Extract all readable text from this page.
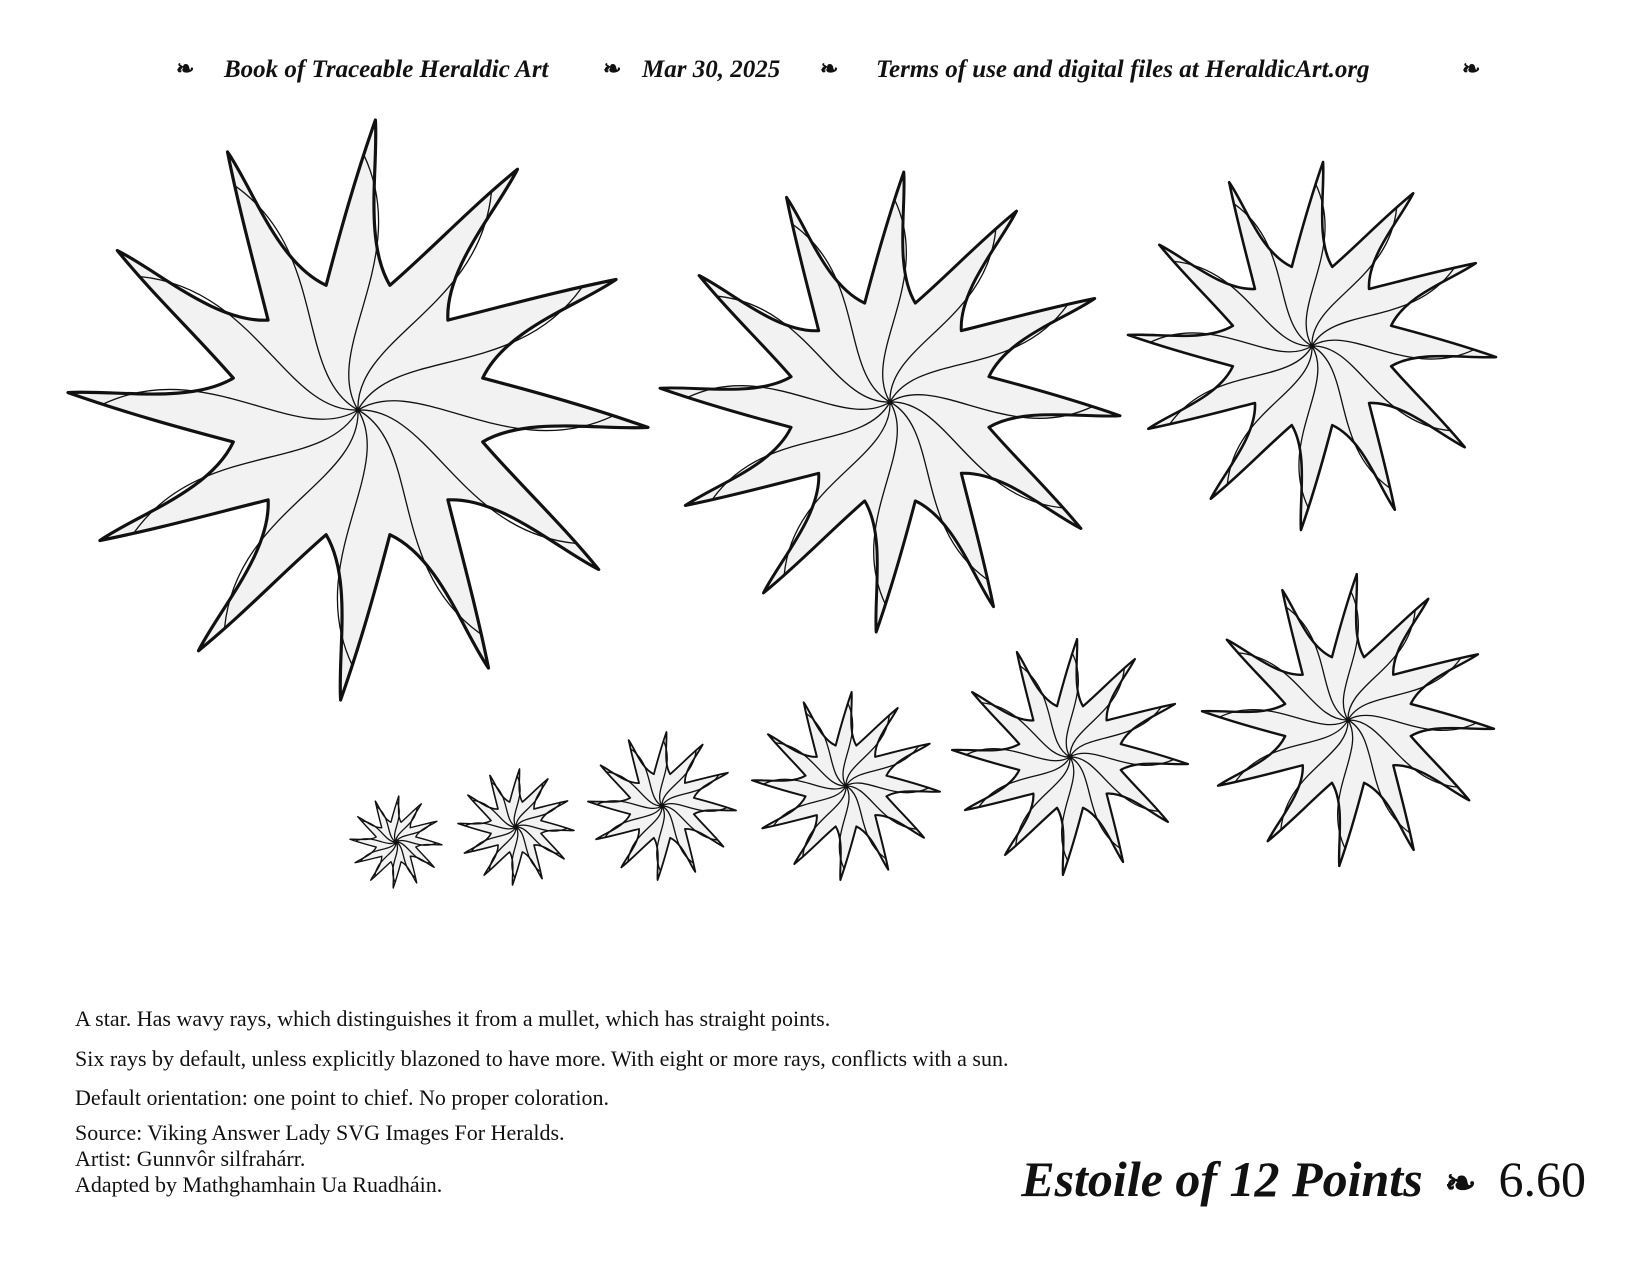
❧ Book of Traceable Heraldic Art ❧ Mar 30, 2025 ❧ Terms of use and digital files at HeraldicArt.org	❧
A star. Has wavy rays, which distinguishes it from a mullet, which has straight points.
Six rays by default, unless explicitly blazoned to have more. With eight or more rays, conflicts with a sun.
Default orientation: one point to chief. No proper coloration.
Source: Viking Answer Lady SVG Images For Heralds.
Artist: Gunnvôr silfrahárr.
Adapted by Mathghamhain Ua Ruadháin.	Estoile of 12 Points ❧ 6.60
